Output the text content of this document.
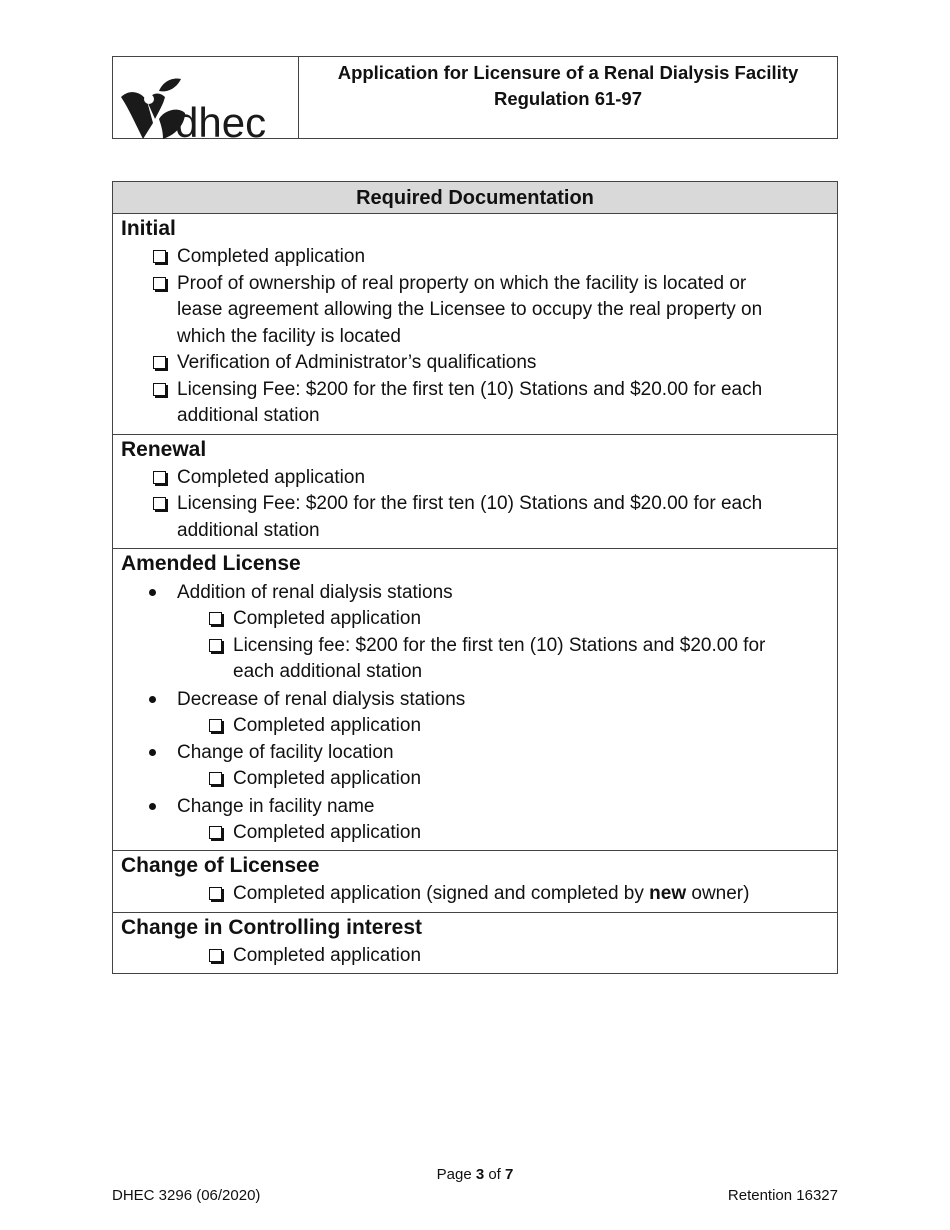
dhec
Application for Licensure of a Renal Dialysis Facility
Regulation 61-97
Required Documentation
Initial
Completed application
Proof of ownership of real property on which the facility is located or
lease agreement allowing the Licensee to occupy the real property on
which the facility is located
Verification of Administrator’s qualifications
Licensing Fee: $200 for the first ten (10) Stations and $20.00 for each
additional station
Renewal
Completed application
Licensing Fee: $200 for the first ten (10) Stations and $20.00 for each
additional station
Amended License
Addition of renal dialysis stations
Completed application
Licensing fee: $200 for the first ten (10) Stations and $20.00 for
each additional station
Decrease of renal dialysis stations
Completed application
Change of facility location
Completed application
Change in facility name
Completed application
Change of Licensee
Completed application (signed and completed by new owner)
Change in Controlling interest
Completed application
Page 3 of 7
DHEC 3296 (06/2020)	Retention 16327
